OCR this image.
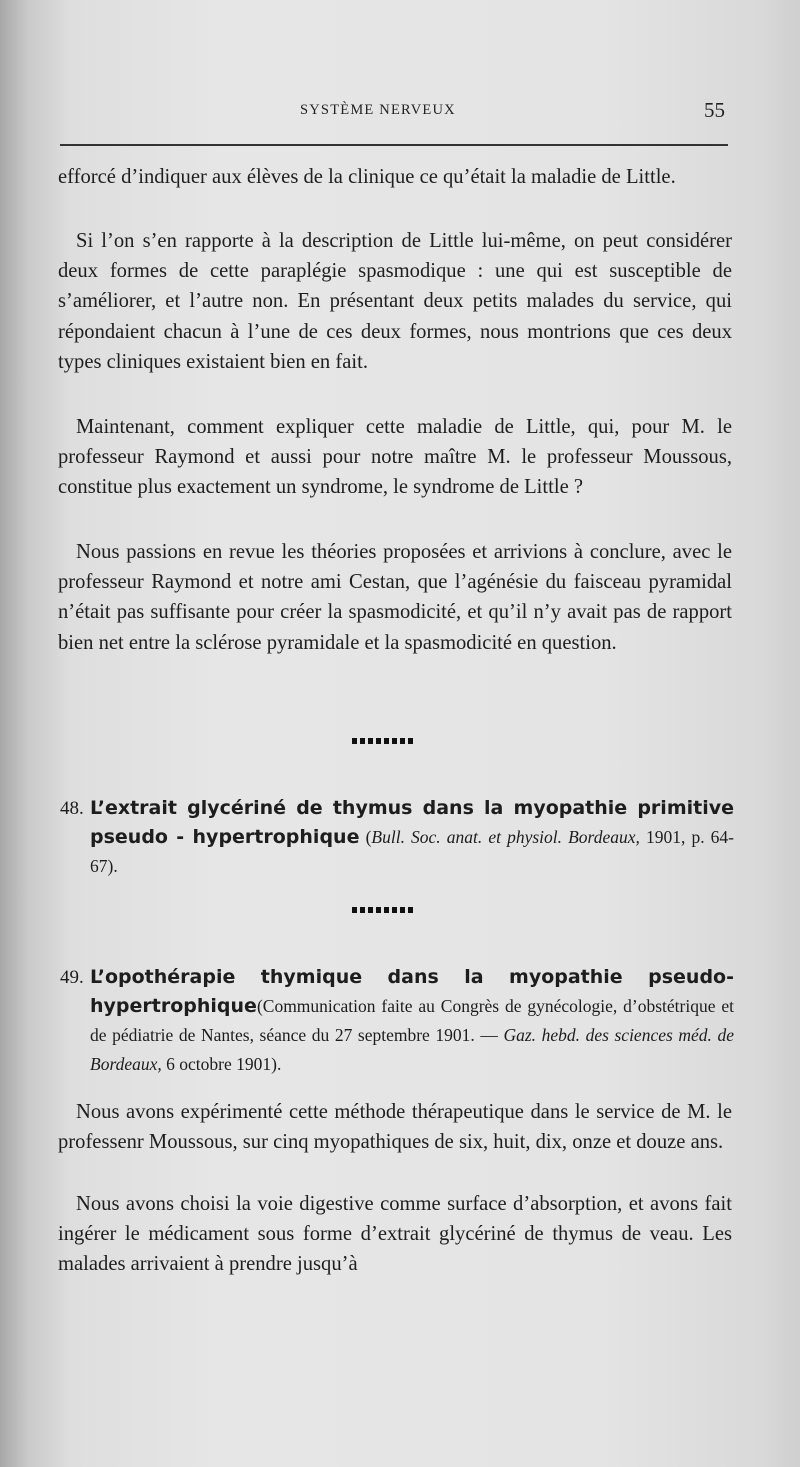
SYSTÈME NERVEUX	55

efforcé d’indiquer aux élèves de la clinique ce qu’était la maladie de Little.

Si l’on s’en rapporte à la description de Little lui-même, on peut considérer deux formes de cette paraplégie spasmodique : une qui est susceptible de s’améliorer, et l’autre non. En présentant deux petits malades du service, qui répondaient chacun à l’une de ces deux formes, nous montrions que ces deux types cliniques existaient bien en fait.

Maintenant, comment expliquer cette maladie de Little, qui, pour M. le professeur Raymond et aussi pour notre maître M. le professeur Moussous, constitue plus exactement un syndrome, le syndrome de Little ?

Nous passions en revue les théories proposées et arrivions à conclure, avec le professeur Raymond et notre ami Cestan, que l’agénésie du faisceau pyramidal n’était pas suffisante pour créer la spasmodicité, et qu’il n’y avait pas de rapport bien net entre la sclérose pyramidale et la spasmodicité en question.

48. L’extrait glycériné de thymus dans la myopathie primitive pseudo - hypertrophique (Bull. Soc. anat. et physiol. Bordeaux, 1901, p. 64-67).
49. L’opothérapie thymique dans la myopathie pseudo-hypertrophique(Communication faite au Congrès de gynécologie, d’obstétrique et de pédiatrie de Nantes, séance du 27 septembre 1901. — Gaz. hebd. des sciences méd. de Bordeaux, 6 octobre 1901).

Nous avons expérimenté cette méthode thérapeutique dans le service de M. le professenr Moussous, sur cinq myopathiques de six, huit, dix, onze et douze ans.

Nous avons choisi la voie digestive comme surface d’absorption, et avons fait ingérer le médicament sous forme d’extrait glycériné de thymus de veau. Les malades arrivaient à prendre jusqu’à
